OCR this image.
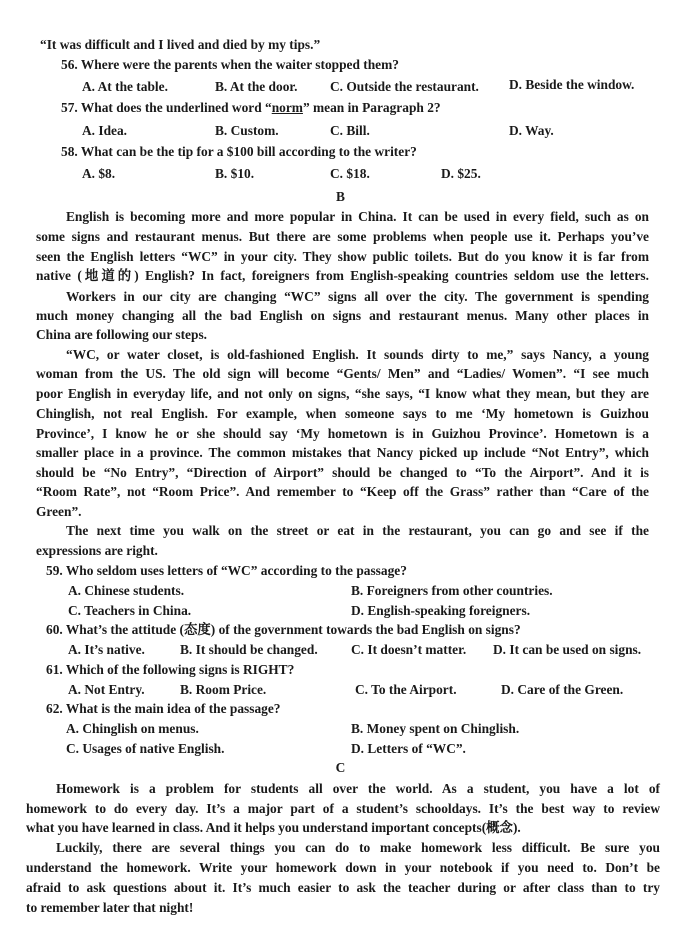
“It was difficult and I lived and died by my tips.”
56. Where were the parents when the waiter stopped them?
A. At the table.	B. At the door. C. Outside the restaurant. D. Beside the window.
57. What does the underlined word “norm” mean in Paragraph 2?
A. Idea.	B. Custom.	C. Bill.	D. Way.
58. What can be the tip for a $100 bill according to the writer?
A. $8.	B. $10.	C. $18.	D. $25.
B
English is becoming more and more popular in China. It can be used in every field, such as on
some signs and restaurant menus. But there are some problems when people use it. Perhaps you’ve
seen the English letters “WC” in your city. They show public toilets. But do you know it is far from
native (地道的) English? In fact, foreigners from English-speaking countries seldom use the letters.
Workers in our city are changing “WC” signs all over the city. The government is spending
much money changing all the bad English on signs and restaurant menus. Many other places in
China are following our steps.
“WC, or water closet, is old-fashioned English. It sounds dirty to me,” says Nancy, a young
woman from the US. The old sign will become “Gents/ Men” and “Ladies/ Women”. “I see much
poor English in everyday life, and not only on signs, “she says, “I know what they mean, but they are
Chinglish, not real English. For example, when someone says to me ‘My hometown is Guizhou
Province’, I know he or she should say ‘My hometown is in Guizhou Province’. Hometown is a
smaller place in a province. The common mistakes that Nancy picked up include “Not Entry”, which
should be “No Entry”, “Direction of Airport” should be changed to “To the Airport”. And it is
“Room Rate”, not “Room Price”. And remember to “Keep off the Grass” rather than “Care of the
Green”.
The next time you walk on the street or eat in the restaurant, you can go and see if the
expressions are right.
59. Who seldom uses letters of “WC” according to the passage?
A. Chinese students.	B. Foreigners from other countries.
C. Teachers in China.	D. English-speaking foreigners.
60. What’s the attitude (态度) of the government towards the bad English on signs?
A. It’s native.	B. It should be changed. C. It doesn’t matter. D. It can be used on signs.
61. Which of the following signs is RIGHT?
A. Not Entry.	B. Room Price.	C. To the Airport.	D. Care of the Green.
62. What is the main idea of the passage?
A. Chinglish on menus.	B. Money spent on Chinglish.
C. Usages of native English.	D. Letters of “WC”.
C
Homework is a problem for students all over the world. As a student, you have a lot of
homework to do every day. It’s a major part of a student’s schooldays. It’s the best way to review
what you have learned in class. And it helps you understand important concepts(概念).
Luckily, there are several things you can do to make homework less difficult. Be sure you
understand the homework. Write your homework down in your notebook if you need to. Don’t be
afraid to ask questions about it. It’s much easier to ask the teacher during or after class than to try
to remember later that night!
